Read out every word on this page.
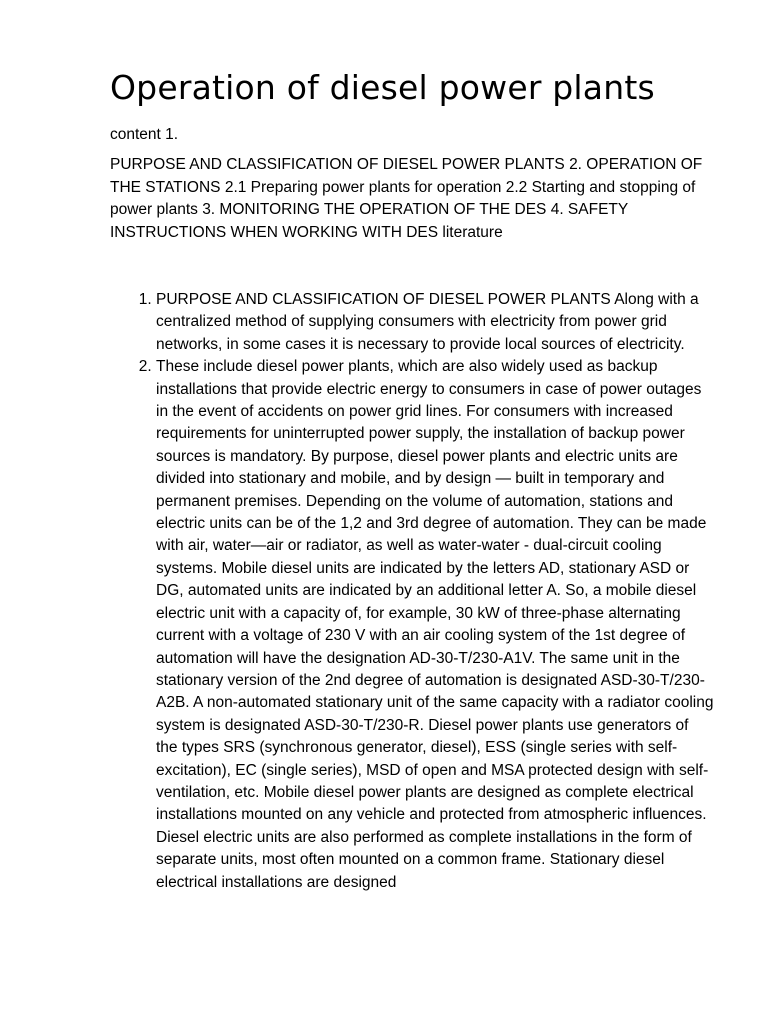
Operation of diesel power plants

content 1.

PURPOSE AND CLASSIFICATION OF DIESEL POWER PLANTS 2. OPERATION OF THE STATIONS 2.1 Preparing power plants for operation 2.2 Starting and stopping of power plants 3. MONITORING THE OPERATION OF THE DES 4. SAFETY INSTRUCTIONS WHEN WORKING WITH DES literature

1. PURPOSE AND CLASSIFICATION OF DIESEL POWER PLANTS Along with a centralized method of supplying consumers with electricity from power grid networks, in some cases it is necessary to provide local sources of electricity.
2. These include diesel power plants, which are also widely used as backup installations that provide electric energy to consumers in case of power outages in the event of accidents on power grid lines. For consumers with increased requirements for uninterrupted power supply, the installation of backup power sources is mandatory. By purpose, diesel power plants and electric units are divided into stationary and mobile, and by design — built in temporary and permanent premises. Depending on the volume of automation, stations and electric units can be of the 1,2 and 3rd degree of automation. They can be made with air, water—air or radiator, as well as water-water - dual-circuit cooling systems. Mobile diesel units are indicated by the letters AD, stationary ASD or DG, automated units are indicated by an additional letter A. So, a mobile diesel electric unit with a capacity of, for example, 30 kW of three-phase alternating current with a voltage of 230 V with an air cooling system of the 1st degree of automation will have the designation AD-30-T/230-A1V. The same unit in the stationary version of the 2nd degree of automation is designated ASD-30-T/230-A2B. A non-automated stationary unit of the same capacity with a radiator cooling system is designated ASD-30-T/230-R. Diesel power plants use generators of the types SRS (synchronous generator, diesel), ESS (single series with self-excitation), EC (single series), MSD of open and MSA protected design with self-ventilation, etc. Mobile diesel power plants are designed as complete electrical installations mounted on any vehicle and protected from atmospheric influences. Diesel electric units are also performed as complete installations in the form of separate units, most often mounted on a common frame. Stationary diesel electrical installations are designed
